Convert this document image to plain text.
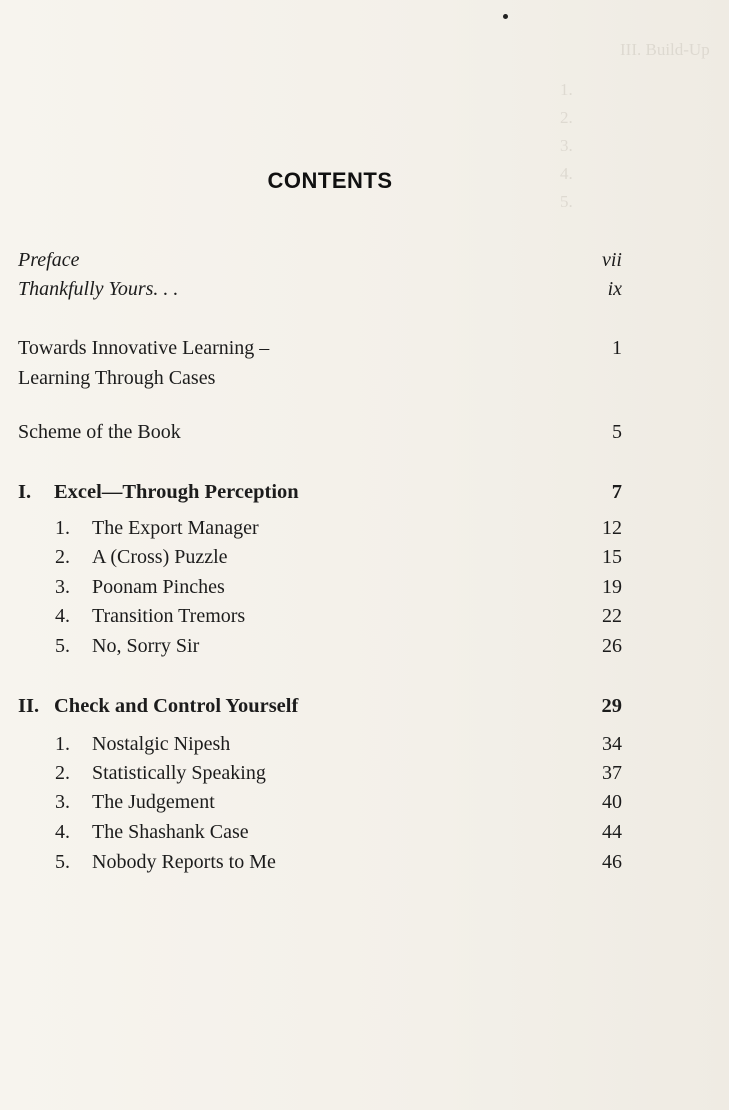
III. Build-Up
1.
2.
3.
4.
5.
CONTENTS
Preface	vii
Thankfully Yours. . .	ix
Towards Innovative Learning –	1
Learning Through Cases
Scheme of the Book	5
I. Excel—Through Perception	7
1. The Export Manager	12
2. A (Cross) Puzzle	15
3. Poonam Pinches	19
4. Transition Tremors	22
5. No, Sorry Sir	26
II. Check and Control Yourself	29
1. Nostalgic Nipesh	34
2. Statistically Speaking	37
3. The Judgement	40
4. The Shashank Case	44
5. Nobody Reports to Me	46
